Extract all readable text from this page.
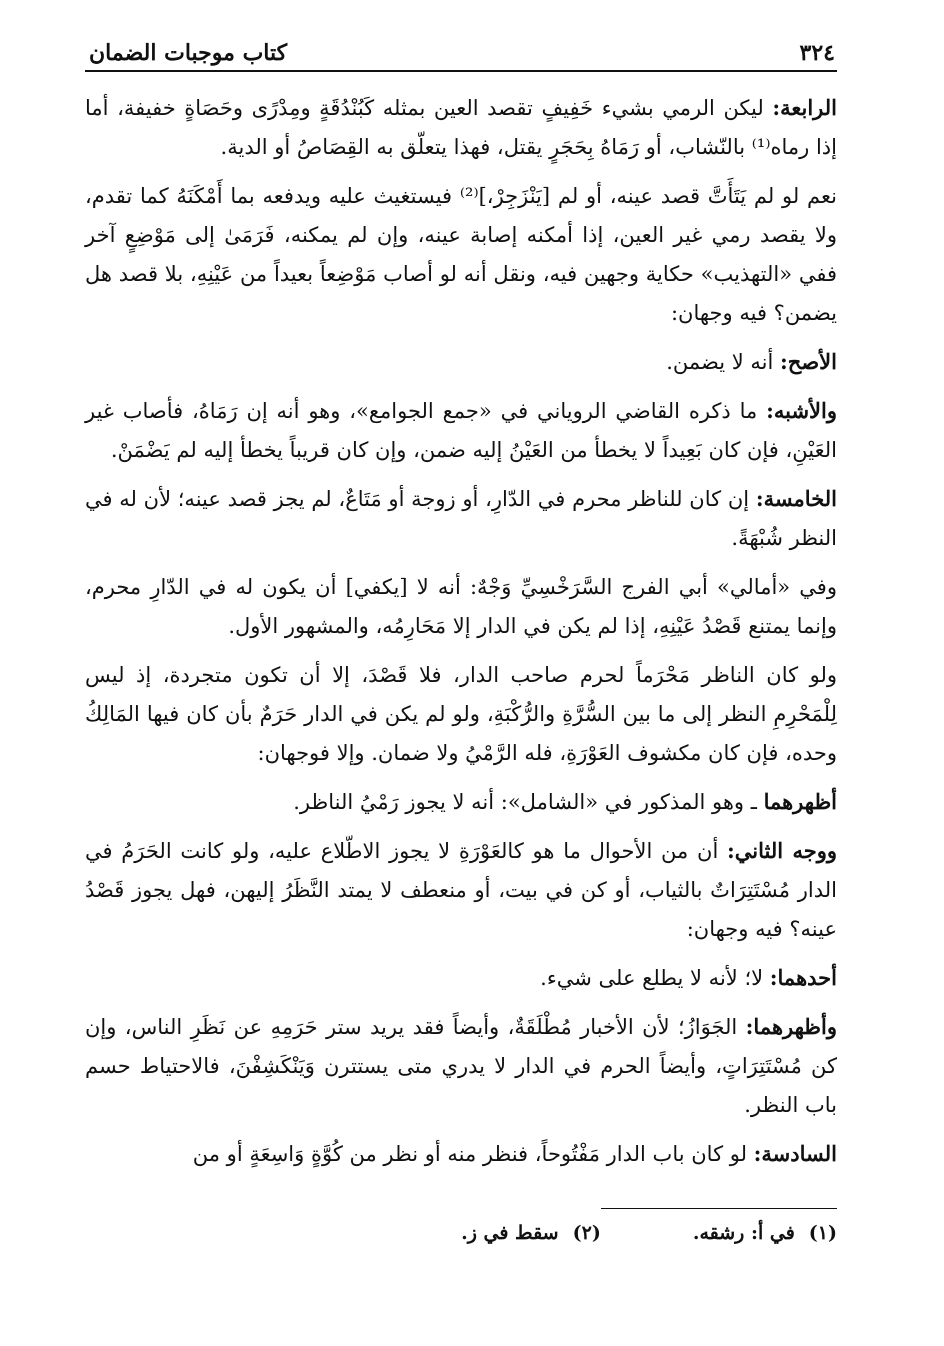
٣٢٤
كتاب موجبات الضمان

الرابعة: ليكن الرمي بشيء خَفِيفٍ تقصد العين بمثله كَبُنْدُقَةٍ ومِدْرًى وحَصَاةٍ خفيفة، أما إذا رماه⁽¹⁾ بالنّشاب، أو رَمَاهُ بِحَجَرٍ يقتل، فهذا يتعلّق به القِصَاصُ أو الدية.

نعم لو لم يَتَأَتَّ قصد عينه، أو لم [يَنْزَجِرْ،]⁽²⁾ فيستغيث عليه ويدفعه بما أَمْكَنَهُ كما تقدم، ولا يقصد رمي غير العين، إذا أمكنه إصابة عينه، وإن لم يمكنه، فَرَمَىٰ إلى مَوْضِعٍ آخر ففي «التهذيب» حكاية وجهين فيه، ونقل أنه لو أصاب مَوْضِعاً بعيداً من عَيْنِهِ، بلا قصد هل يضمن؟ فيه وجهان:

الأصح: أنه لا يضمن.

والأشبه: ما ذكره القاضي الروياني في «جمع الجوامع»، وهو أنه إن رَمَاهُ، فأصاب غير العَيْنِ، فإن كان بَعِيداً لا يخطأ من العَيْنُ إليه ضمن، وإن كان قريباً يخطأ إليه لم يَضْمَنْ.

الخامسة: إن كان للناظر محرم في الدّارِ، أو زوجة أو مَتَاعٌ، لم يجز قصد عينه؛ لأن له في النظر شُبْهَةً.

وفي «أمالي» أبي الفرج السَّرَخْسِيِّ وَجْهٌ: أنه لا [يكفي] أن يكون له في الدّارِ محرم، وإنما يمتنع قَصْدُ عَيْنِهِ، إذا لم يكن في الدار إلا مَحَارِمُه، والمشهور الأول.

ولو كان الناظر مَحْرَماً لحرم صاحب الدار، فلا قَصْدَ، إلا أن تكون متجردة، إذ ليس لِلْمَحْرِمِ النظر إلى ما بين السُّرَّةِ والرُّكْبَةِ، ولو لم يكن في الدار حَرَمٌ بأن كان فيها المَالِكُ وحده، فإن كان مكشوف العَوْرَةِ، فله الرَّمْيُ ولا ضمان. وإلا فوجهان:

أظهرهما ـ وهو المذكور في «الشامل»: أنه لا يجوز رَمْيُ الناظر.

ووجه الثاني: أن من الأحوال ما هو كالعَوْرَةِ لا يجوز الاطّلاع عليه، ولو كانت الحَرَمُ في الدار مُسْتَتِرَاتٌ بالثياب، أو كن في بيت، أو منعطف لا يمتد النَّظَرُ إليهن، فهل يجوز قَصْدُ عينه؟ فيه وجهان:

أحدهما: لا؛ لأنه لا يطلع على شيء.

وأظهرهما: الجَوَازُ؛ لأن الأخبار مُطْلَقَةٌ، وأيضاً فقد يريد ستر حَرَمِهِ عن نَظَرِ الناس، وإن كن مُسْتَتِرَاتٍ، وأيضاً الحرم في الدار لا يدري متى يستترن وَيَنْكَشِفْنَ، فالاحتياط حسم باب النظر.

السادسة: لو كان باب الدار مَفْتُوحاً، فنظر منه أو نظر من كُوَّةٍ وَاسِعَةٍ أو من

(١)في أ: رشقه.
(٢)سقط في ز.
